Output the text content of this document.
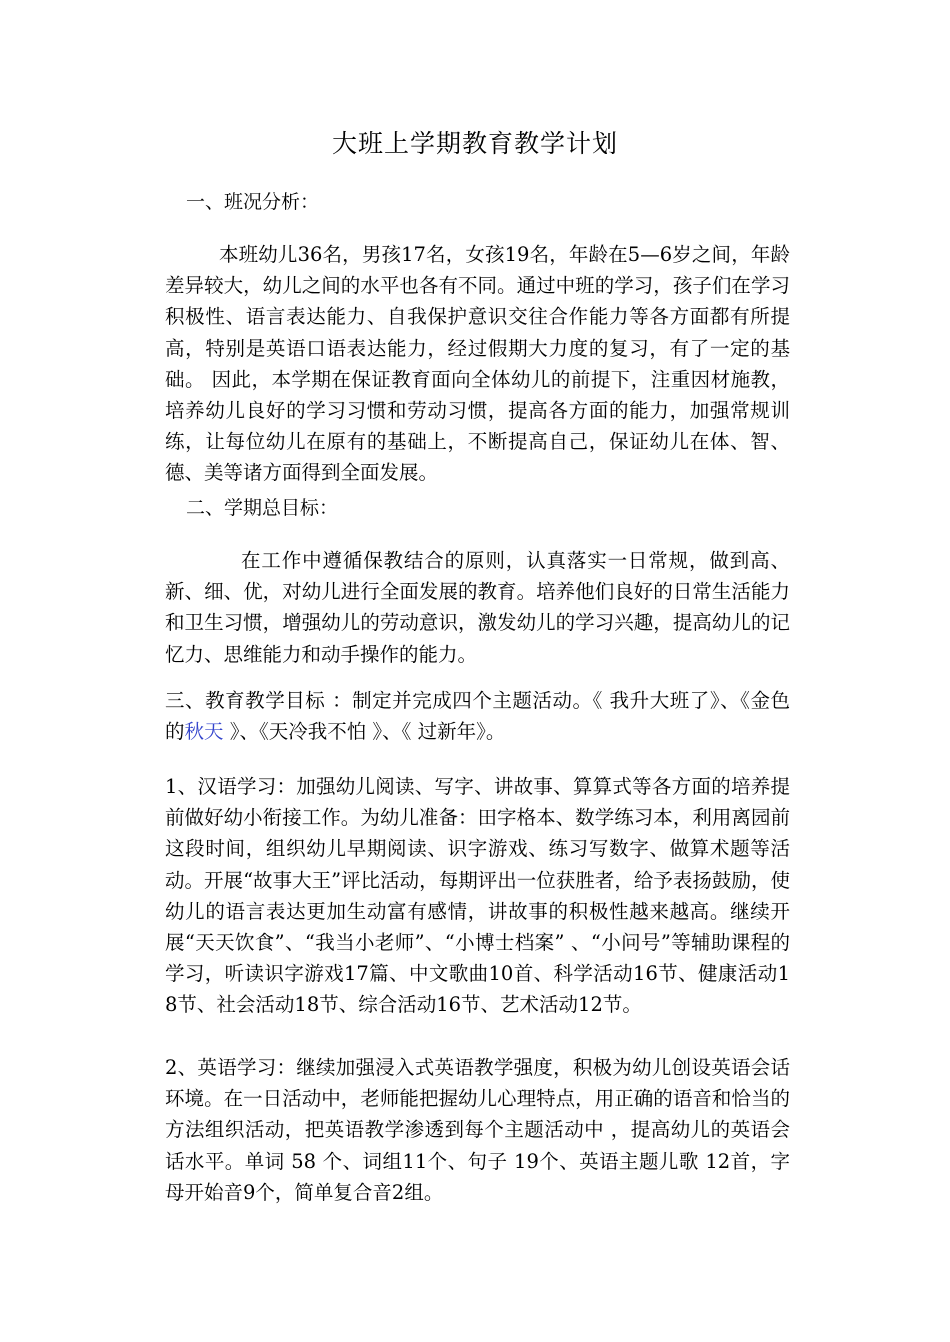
大班上学期教育教学计划
一、班况分析：
本班幼儿36名，男孩17名，女孩19名，年龄在5—6岁之间，年龄差异较大，幼儿之间的水平也各有不同。通过中班的学习，孩子们在学习积极性、语言表达能力、自我保护意识交往合作能力等各方面都有所提高，特别是英语口语表达能力，经过假期大力度的复习，有了一定的基础。 因此，本学期在保证教育面向全体幼儿的前提下，注重因材施教，培养幼儿良好的学习习惯和劳动习惯，提高各方面的能力，加强常规训练，让每位幼儿在原有的基础上，不断提高自己，保证幼儿在体、智、德、美等诸方面得到全面发展。
二、学期总目标：
在工作中遵循保教结合的原则，认真落实一日常规，做到高、新、细、优，对幼儿进行全面发展的教育。培养他们良好的日常生活能力和卫生习惯，增强幼儿的劳动意识，激发幼儿的学习兴趣，提高幼儿的记忆力、思维能力和动手操作的能力。
三、教育教学目标 ：制定并完成四个主题活动。《 我升大班了》、《金色的秋天 》、《天冷我不怕 》、《 过新年》。
1、汉语学习：加强幼儿阅读、写字、讲故事、算算式等各方面的培养提前做好幼小衔接工作。为幼儿准备：田字格本、数学练习本，利用离园前这段时间，组织幼儿早期阅读、识字游戏、练习写数字、做算术题等活动。开展“故事大王”评比活动，每期评出一位获胜者，给予表扬鼓励，使幼儿的语言表达更加生动富有感情，讲故事的积极性越来越高。继续开展“天天饮食”、“我当小老师”、“小博士档案” 、“小问号”等辅助课程的学习，听读识字游戏17篇、中文歌曲10首、科学活动16节、健康活动18节、社会活动18节、综合活动16节、艺术活动12节。
2、英语学习：继续加强浸入式英语教学强度，积极为幼儿创设英语会话环境。在一日活动中，老师能把握幼儿心理特点，用正确的语音和恰当的方法组织活动，把英语教学渗透到每个主题活动中 ，提高幼儿的英语会话水平。单词 58 个、词组11个、句子 19个、英语主题儿歌 12首，字母开始音9个，简单复合音2组。
